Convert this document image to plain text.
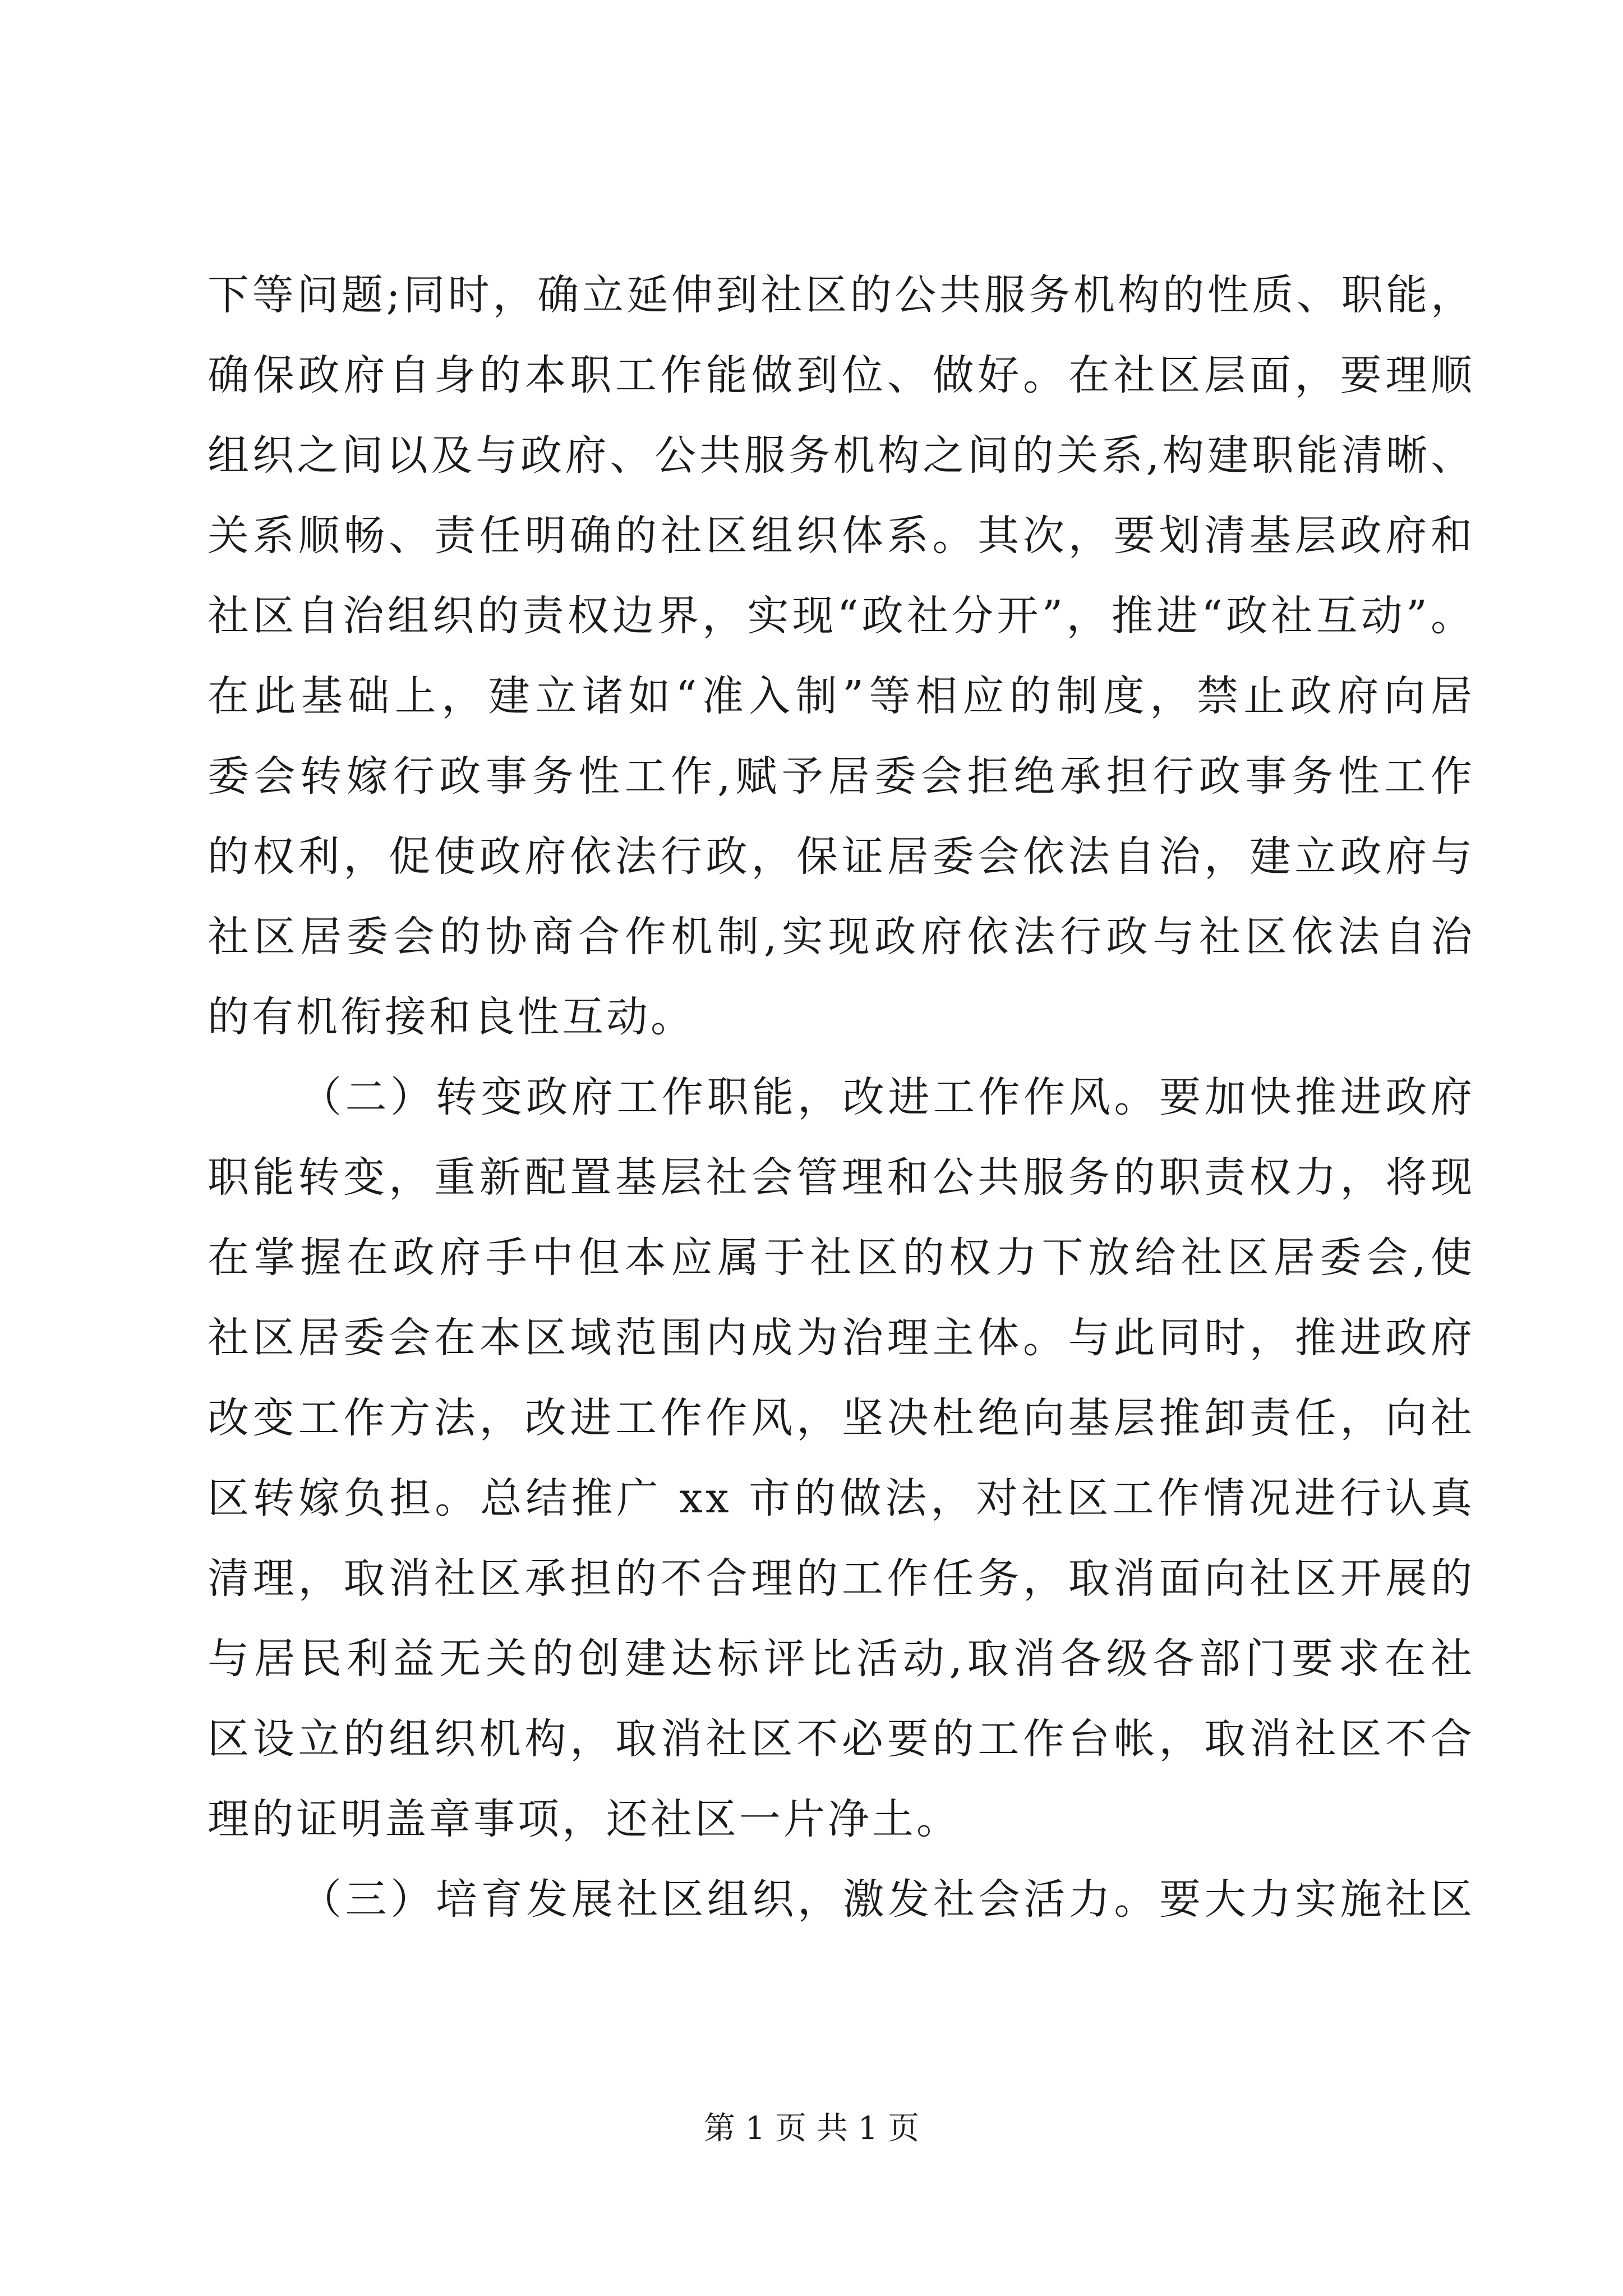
下等问题;同时，确立延伸到社区的公共服务机构的性质、职能，
确保政府自身的本职工作能做到位、做好。在社区层面，要理顺
组织之间以及与政府、公共服务机构之间的关系,构建职能清晰、
关系顺畅、责任明确的社区组织体系。其次，要划清基层政府和
社区自治组织的责权边界，实现“政社分开”，推进“政社互动”。
在此基础上，建立诸如“准入制”等相应的制度，禁止政府向居
委会转嫁行政事务性工作,赋予居委会拒绝承担行政事务性工作
的权利，促使政府依法行政，保证居委会依法自治，建立政府与
社区居委会的协商合作机制,实现政府依法行政与社区依法自治
的有机衔接和良性互动。
（二）转变政府工作职能，改进工作作风。要加快推进政府
职能转变，重新配置基层社会管理和公共服务的职责权力，将现
在掌握在政府手中但本应属于社区的权力下放给社区居委会,使
社区居委会在本区域范围内成为治理主体。与此同时，推进政府
改变工作方法，改进工作作风，坚决杜绝向基层推卸责任，向社
区转嫁负担。总结推广 xx 市的做法，对社区工作情况进行认真
清理，取消社区承担的不合理的工作任务，取消面向社区开展的
与居民利益无关的创建达标评比活动,取消各级各部门要求在社
区设立的组织机构，取消社区不必要的工作台帐，取消社区不合
理的证明盖章事项，还社区一片净土。
（三）培育发展社区组织，激发社会活力。要大力实施社区
第 1 页 共 1 页
